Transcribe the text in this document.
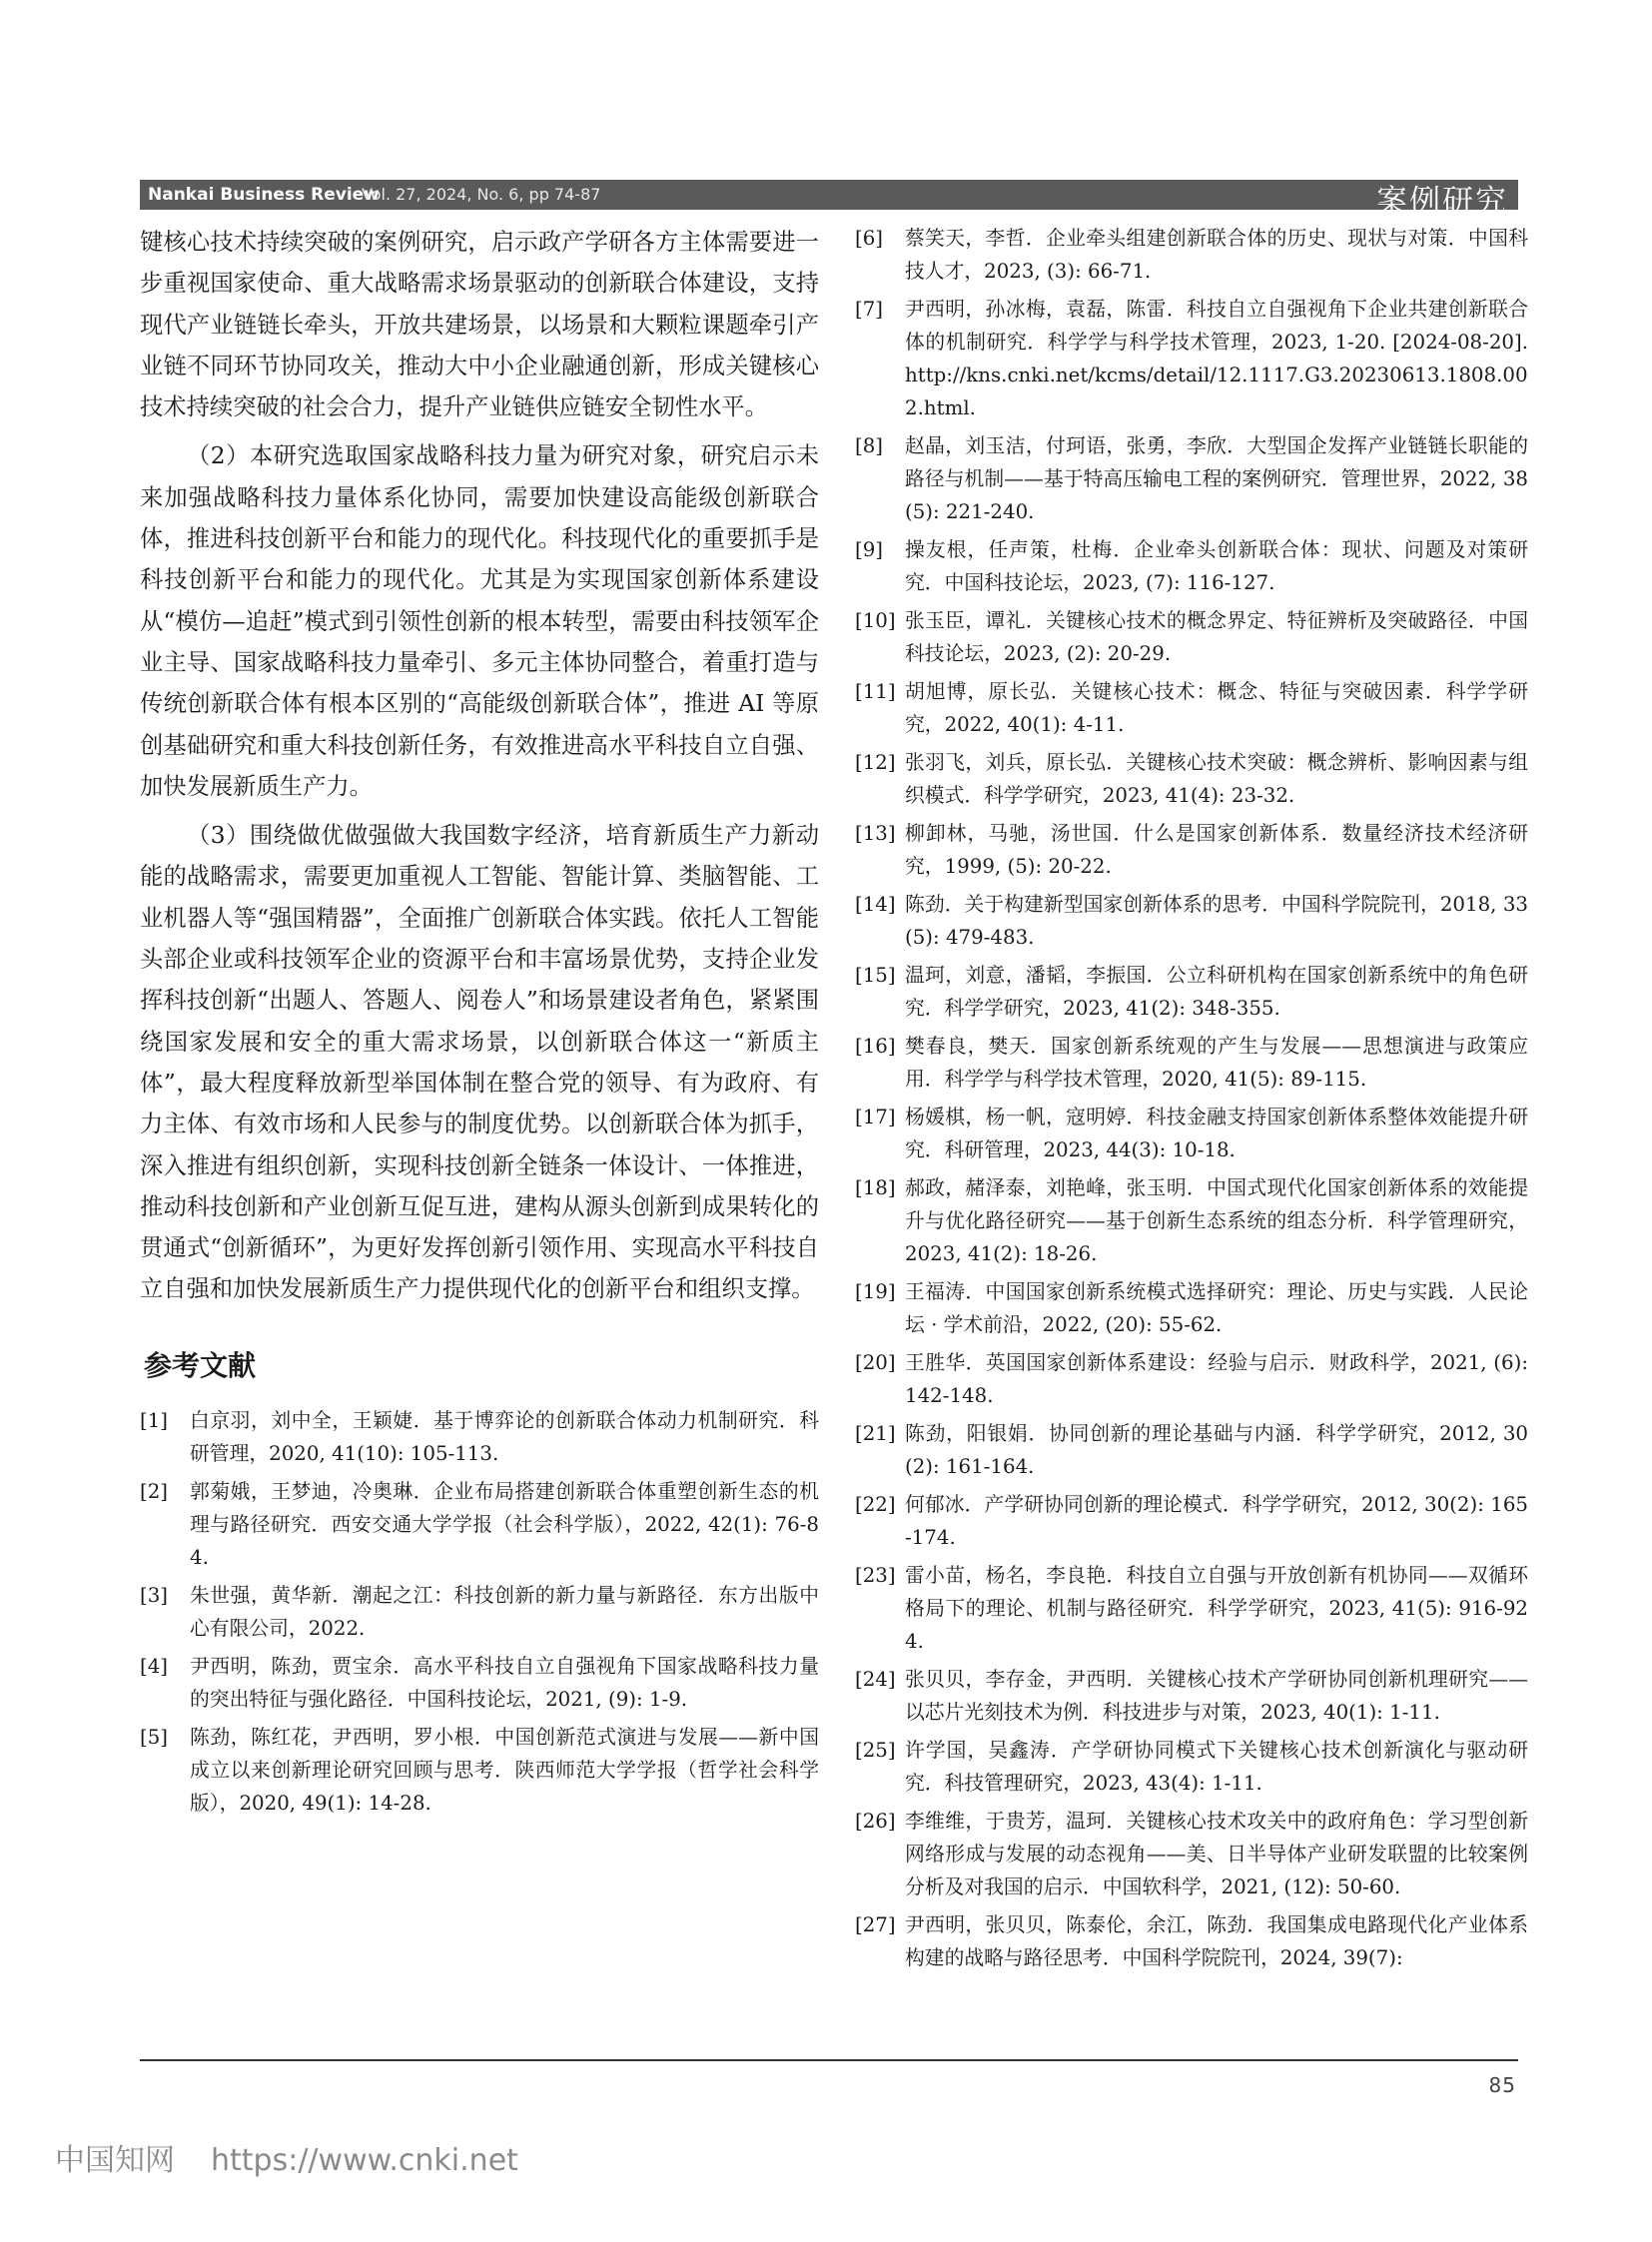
Nankai Business Review
Vol. 27, 2024, No. 6, pp 74-87	案例研究

键核心技术持续突破的案例研究，启示政产学研各方主体需要进一步重视国家使命、重大战略需求场景驱动的创新联合体建设，支持现代产业链链长牵头，开放共建场景，以场景和大颗粒课题牵引产业链不同环节协同攻关，推动大中小企业融通创新，形成关键核心技术持续突破的社会合力，提升产业链供应链安全韧性水平。

（2）本研究选取国家战略科技力量为研究对象，研究启示未来加强战略科技力量体系化协同，需要加快建设高能级创新联合体，推进科技创新平台和能力的现代化。科技现代化的重要抓手是科技创新平台和能力的现代化。尤其是为实现国家创新体系建设从“模仿—追赶”模式到引领性创新的根本转型，需要由科技领军企业主导、国家战略科技力量牵引、多元主体协同整合，着重打造与传统创新联合体有根本区别的“高能级创新联合体”，推进 AI 等原创基础研究和重大科技创新任务，有效推进高水平科技自立自强、加快发展新质生产力。

（3）围绕做优做强做大我国数字经济，培育新质生产力新动能的战略需求，需要更加重视人工智能、智能计算、类脑智能、工业机器人等“强国精器”，全面推广创新联合体实践。依托人工智能头部企业或科技领军企业的资源平台和丰富场景优势，支持企业发挥科技创新“出题人、答题人、阅卷人”和场景建设者角色，紧紧围绕国家发展和安全的重大需求场景，以创新联合体这一“新质主体”，最大程度释放新型举国体制在整合党的领导、有为政府、有力主体、有效市场和人民参与的制度优势。以创新联合体为抓手，深入推进有组织创新，实现科技创新全链条一体设计、一体推进，推动科技创新和产业创新互促互进，建构从源头创新到成果转化的贯通式“创新循环”，为更好发挥创新引领作用、实现高水平科技自立自强和加快发展新质生产力提供现代化的创新平台和组织支撑。

参考文献
[1]	白京羽，刘中全，王颖婕．基于博弈论的创新联合体动力机制研究．科研管理，2020, 41(10): 105-113.
[2]	郭菊娥，王梦迪，冷奥琳．企业布局搭建创新联合体重塑创新生态的机理与路径研究．西安交通大学学报（社会科学版），2022, 42(1): 76-84.
[3]	朱世强，黄华新．潮起之江：科技创新的新力量与新路径．东方出版中心有限公司，2022.
[4]	尹西明，陈劲，贾宝余．高水平科技自立自强视角下国家战略科技力量的突出特征与强化路径．中国科技论坛，2021, (9): 1-9.
[5]	陈劲，陈红花，尹西明，罗小根．中国创新范式演进与发展——新中国成立以来创新理论研究回顾与思考．陕西师范大学学报（哲学社会科学版），2020, 49(1): 14-28.
[6]	蔡笑天，李哲．企业牵头组建创新联合体的历史、现状与对策．中国科技人才，2023, (3): 66-71.
[7]	尹西明，孙冰梅，袁磊，陈雷．科技自立自强视角下企业共建创新联合体的机制研究．科学学与科学技术管理，2023, 1-20. [2024-08-20].http://kns.cnki.net/kcms/detail/12.1117.G3.20230613.1808.002.html.
[8]	赵晶，刘玉洁，付珂语，张勇，李欣．大型国企发挥产业链链长职能的路径与机制——基于特高压输电工程的案例研究．管理世界，2022, 38(5): 221-240.
[9]	操友根，任声策，杜梅．企业牵头创新联合体：现状、问题及对策研究．中国科技论坛，2023, (7): 116-127.
[10] 张玉臣，谭礼．关键核心技术的概念界定、特征辨析及突破路径．中国科技论坛，2023, (2): 20-29.
[11] 胡旭博，原长弘．关键核心技术：概念、特征与突破因素．科学学研究，2022, 40(1): 4-11.
[12] 张羽飞，刘兵，原长弘．关键核心技术突破：概念辨析、影响因素与组织模式．科学学研究，2023, 41(4): 23-32.
[13] 柳卸林，马驰，汤世国．什么是国家创新体系．数量经济技术经济研究，1999, (5): 20-22.
[14] 陈劲．关于构建新型国家创新体系的思考．中国科学院院刊，2018, 33(5): 479-483.
[15] 温珂，刘意，潘韬，李振国．公立科研机构在国家创新系统中的角色研究．科学学研究，2023, 41(2): 348-355.
[16] 樊春良，樊天．国家创新系统观的产生与发展——思想演进与政策应用．科学学与科学技术管理，2020, 41(5): 89-115.
[17] 杨媛棋，杨一帆，寇明婷．科技金融支持国家创新体系整体效能提升研究．科研管理，2023, 44(3): 10-18.
[18] 郝政，赭泽泰，刘艳峰，张玉明．中国式现代化国家创新体系的效能提升与优化路径研究——基于创新生态系统的组态分析．科学管理研究，2023, 41(2): 18-26.
[19] 王福涛．中国国家创新系统模式选择研究：理论、历史与实践．人民论坛 · 学术前沿，2022, (20): 55-62.
[20] 王胜华．英国国家创新体系建设：经验与启示．财政科学，2021, (6): 142-148.
[21] 陈劲，阳银娟．协同创新的理论基础与内涵．科学学研究，2012, 30(2): 161-164.
[22] 何郁冰．产学研协同创新的理论模式．科学学研究，2012, 30(2): 165-174.
[23] 雷小苗，杨名，李良艳．科技自立自强与开放创新有机协同——双循环格局下的理论、机制与路径研究．科学学研究，2023, 41(5): 916-924.
[24] 张贝贝，李存金，尹西明．关键核心技术产学研协同创新机理研究——以芯片光刻技术为例．科技进步与对策，2023, 40(1): 1-11.
[25] 许学国，吴鑫涛．产学研协同模式下关键核心技术创新演化与驱动研究．科技管理研究，2023, 43(4): 1-11.
[26] 李维维，于贵芳，温珂．关键核心技术攻关中的政府角色：学习型创新网络形成与发展的动态视角——美、日半导体产业研发联盟的比较案例分析及对我国的启示．中国软科学，2021, (12): 50-60.
[27] 尹西明，张贝贝，陈泰伦，余江，陈劲．我国集成电路现代化产业体系构建的战略与路径思考．中国科学院院刊，2024, 39(7):
85
中国知网 https://www.cnki.net
